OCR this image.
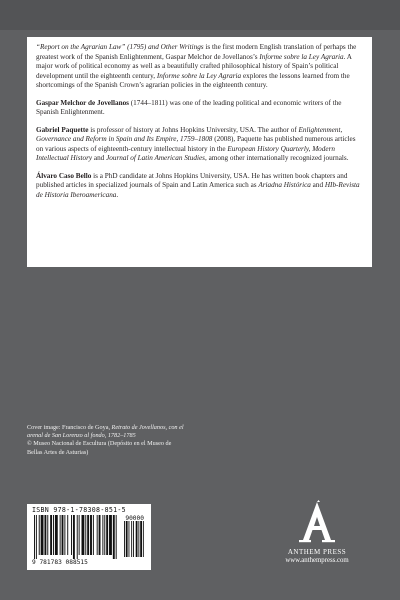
“Report on the Agrarian Law” (1795) and Other Writings is the first modern English translation of perhaps the greatest work of the Spanish Enlightenment, Gaspar Melchor de Jovellanos’s Informe sobre la Ley Agraria. A major work of political economy as well as a beautifully crafted philosophical history of Spain’s political development until the eighteenth century, Informe sobre la Ley Agraria explores the lessons learned from the shortcomings of the Spanish Crown’s agrarian policies in the eighteenth century.

Gaspar Melchor de Jovellanos (1744–1811) was one of the leading political and economic writers of the Spanish Enlightenment.

Gabriel Paquette is professor of history at Johns Hopkins University, USA. The author of Enlightenment, Governance and Reform in Spain and Its Empire, 1759–1808 (2008), Paquette has published numerous articles on various aspects of eighteenth-century intellectual history in the European History Quarterly, Modern Intellectual History and Journal of Latin American Studies, among other internationally recognized journals.

Álvaro Caso Bello is a PhD candidate at Johns Hopkins University, USA. He has written book chapters and published articles in specialized journals of Spain and Latin America such as Ariadna Histórica and HIb-Revista de Historia Iberoamericana.

Cover image: Francisco de Goya, Retrato de Jovellanos, con el arenal de San Lorenzo al fondo, 1782–1785
© Museo Nacional de Escultura (Depósito en el Museo de Bellas Artes de Asturias)
ISBN 978-1-78308-851-5
90000
9 781783 088515
ANTHEM PRESS
www.anthempress.com
